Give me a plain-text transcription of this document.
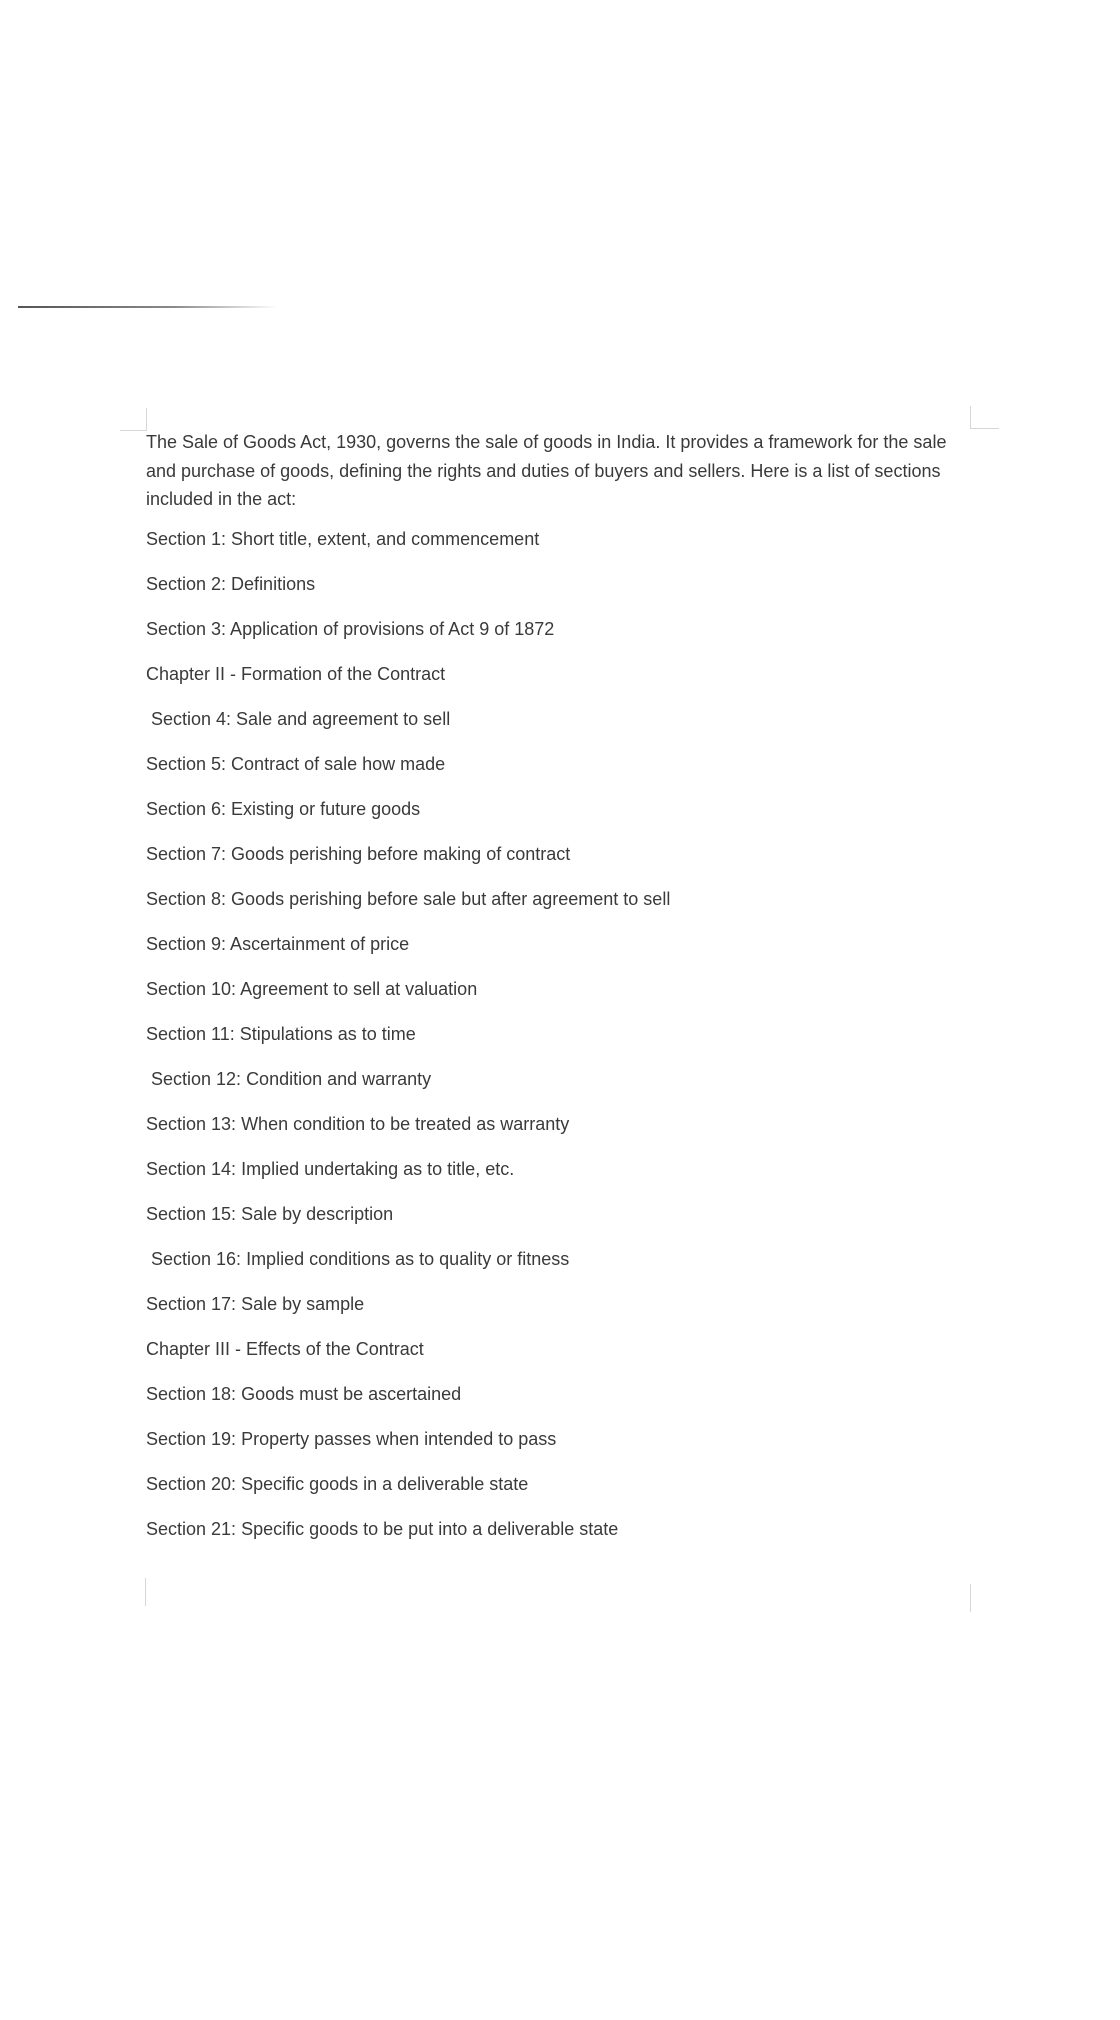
The Sale of Goods Act, 1930, governs the sale of goods in India. It provides a framework for the sale and purchase of goods, defining the rights and duties of buyers and sellers. Here is a list of sections included in the act:

Section 1: Short title, extent, and commencement
Section 2: Definitions
Section 3: Application of provisions of Act 9 of 1872
Chapter II - Formation of the Contract
Section 4: Sale and agreement to sell
Section 5: Contract of sale how made
Section 6: Existing or future goods
Section 7: Goods perishing before making of contract
Section 8: Goods perishing before sale but after agreement to sell
Section 9: Ascertainment of price
Section 10: Agreement to sell at valuation
Section 11: Stipulations as to time
Section 12: Condition and warranty
Section 13: When condition to be treated as warranty
Section 14: Implied undertaking as to title, etc.
Section 15: Sale by description
Section 16: Implied conditions as to quality or fitness
Section 17: Sale by sample
Chapter III - Effects of the Contract
Section 18: Goods must be ascertained
Section 19: Property passes when intended to pass
Section 20: Specific goods in a deliverable state
Section 21: Specific goods to be put into a deliverable state
